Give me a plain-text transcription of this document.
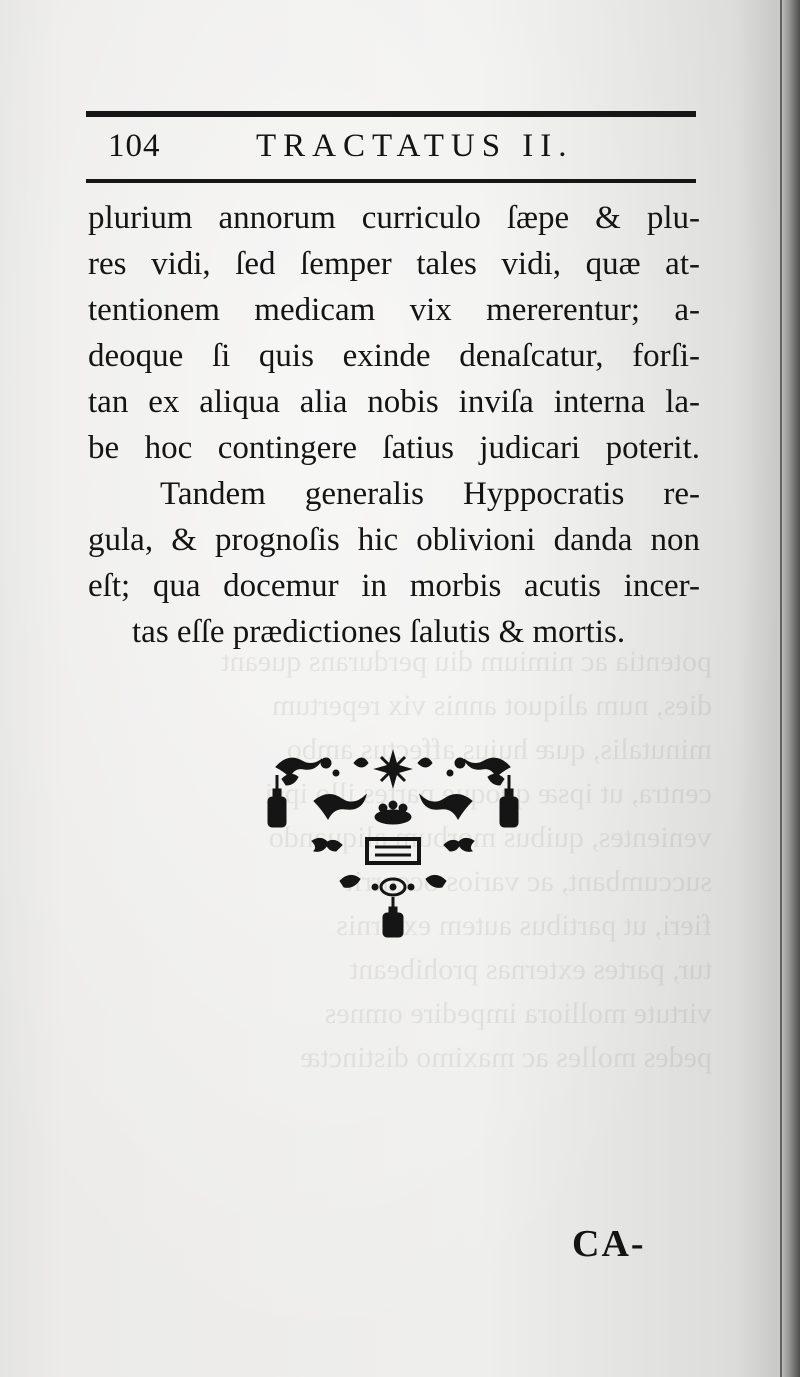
potentia ac nimium diu perdurans queant
dies, num aliquot annis vix repertum
minutalis, quæ hujus affectus ambo
centra, ut ipsæ quoque partes illo ipsi
venientes, quibus morbum aliquando
succumbant, ac varios occurrit
fieri, ut partibus autem externis
tur, partes externas prohibeant
virtute molliora impedire omnes
pedes molles ac maximo distinctæ
104	TRACTATUS II.
plurium annorum curriculo ſæpe & plu-
res vidi, ſed ſemper tales vidi, quæ at-
tentionem medicam vix mererentur; a-
deoque ſi quis exinde denaſcatur, forſi-
tan ex aliqua alia nobis inviſa interna la-
be hoc contingere ſatius judicari poterit.
Tandem generalis Hyppocratis re-
gula, & prognoſis hic oblivioni danda non
eſt; qua docemur in morbis acutis incer-
tas eſſe prædictiones ſalutis & mortis.
CA-
